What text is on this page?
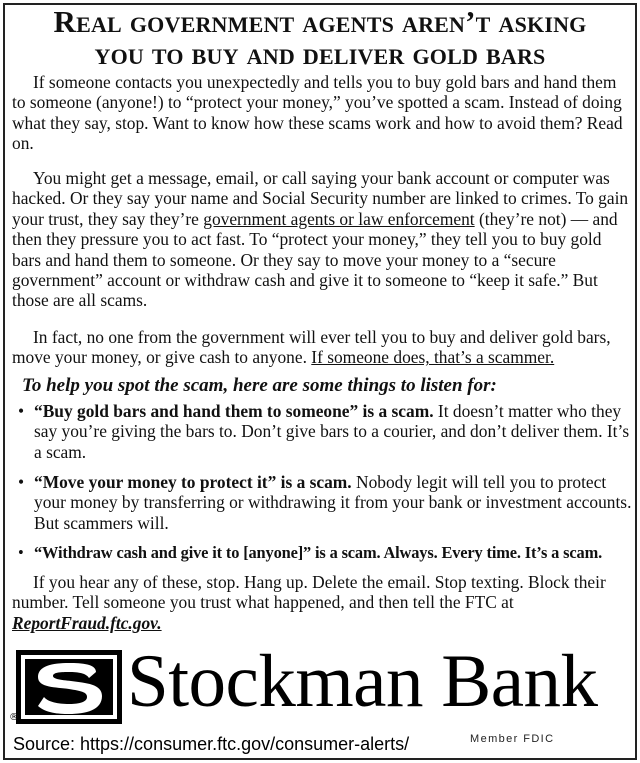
Real government agents aren’t asking
you to buy and deliver gold bars

If someone contacts you unexpectedly and tells you to buy gold bars and hand them to someone (anyone!) to “protect your money,” you’ve spotted a scam. Instead of doing what they say, stop. Want to know how these scams work and how to avoid them? Read on.

You might get a message, email, or call saying your bank account or computer was hacked. Or they say your name and Social Security number are linked to crimes. To gain your trust, they say they’re government agents or law enforcement (they’re not) — and then they pressure you to act fast. To “protect your money,” they tell you to buy gold bars and hand them to someone. Or they say to move your money to a “secure government” account or withdraw cash and give it to someone to “keep it safe.” But those are all scams.

In fact, no one from the government will ever tell you to buy and deliver gold bars, move your money, or give cash to anyone. If someone does, that’s a scammer.

To help you spot the scam, here are some things to listen for:
• “Buy gold bars and hand them to someone” is a scam. It doesn’t matter who they say you’re giving the bars to. Don’t give bars to a courier, and don’t deliver them. It’s a scam.
• “Move your money to protect it” is a scam. Nobody legit will tell you to protect your money by transferring or withdrawing it from your bank or investment accounts. But scammers will.
• “Withdraw cash and give it to [anyone]” is a scam. Always. Every time. It’s a scam.

If you hear any of these, stop. Hang up. Delete the email. Stop texting. Block their number. Tell someone you trust what happened, and then tell the FTC at ReportFraud.ftc.gov.

® Stockman Bank
Source: https://consumer.ftc.gov/consumer-alerts/	Member FDIC
